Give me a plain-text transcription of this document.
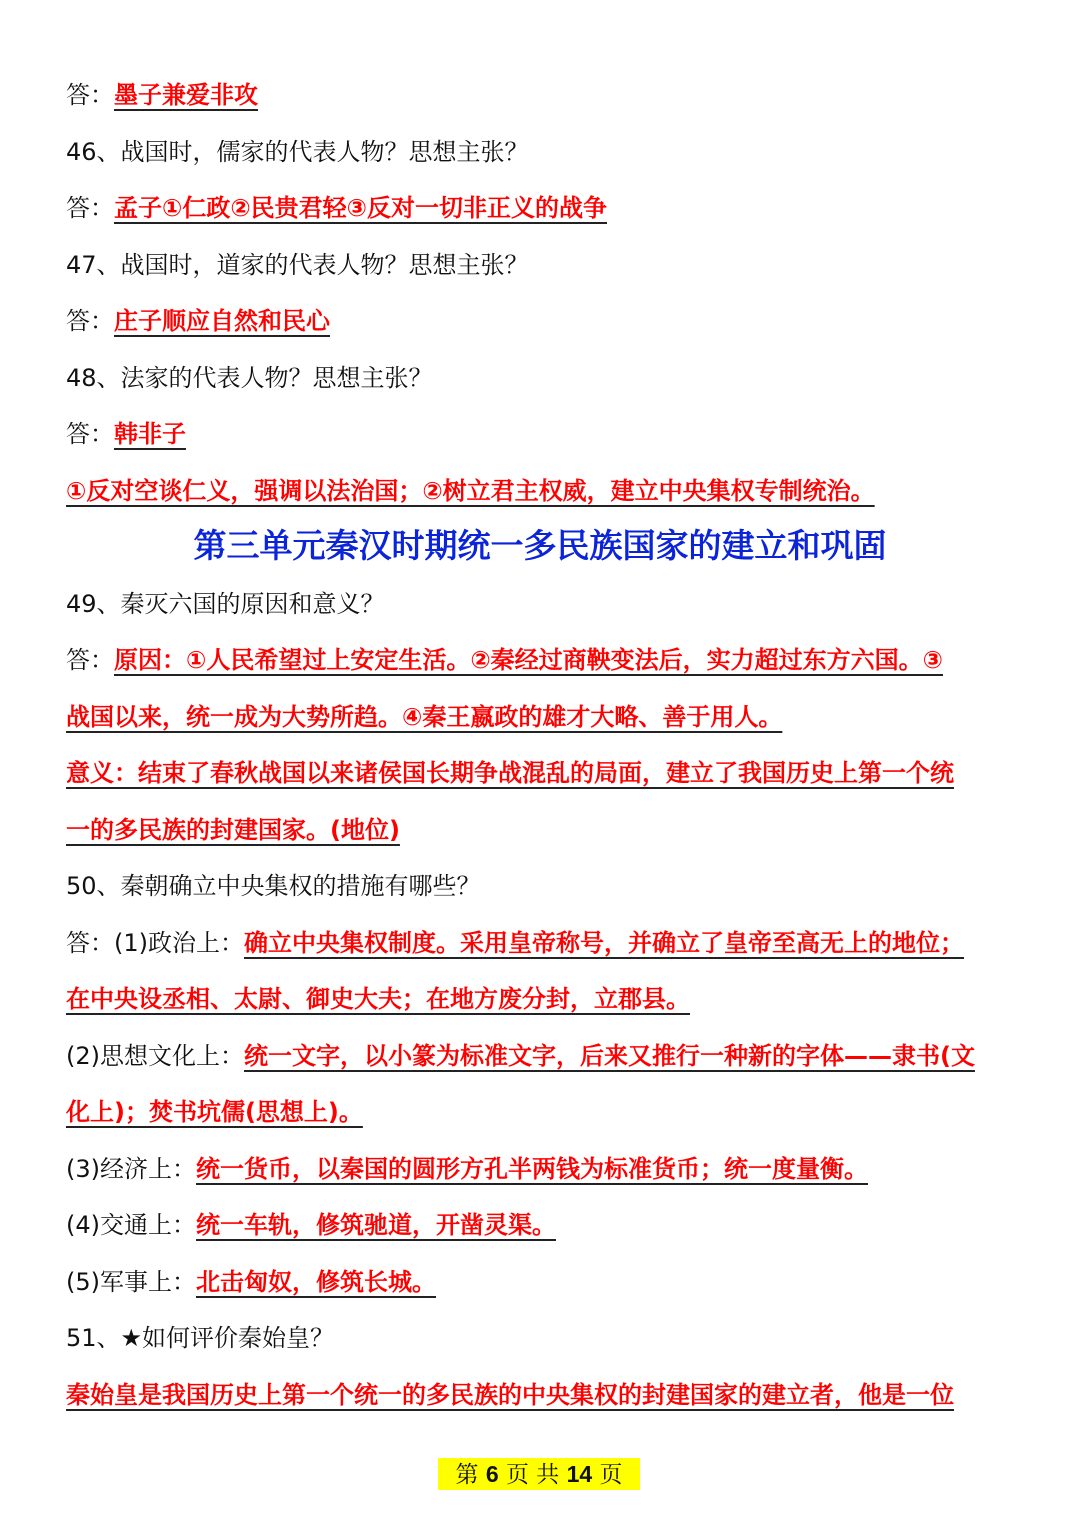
答：墨子兼爱非攻
46、战国时，儒家的代表人物？思想主张？
答：孟子①仁政②民贵君轻③反对一切非正义的战争
47、战国时，道家的代表人物？思想主张？
答：庄子顺应自然和民心
48、法家的代表人物？思想主张？
答：韩非子
①反对空谈仁义，强调以法治国；②树立君主权威，建立中央集权专制统治。
第三单元秦汉时期统一多民族国家的建立和巩固
49、秦灭六国的原因和意义？
答：原因：①人民希望过上安定生活。②秦经过商鞅变法后，实力超过东方六国。③
战国以来，统一成为大势所趋。④秦王嬴政的雄才大略、善于用人。
意义：结束了春秋战国以来诸侯国长期争战混乱的局面，建立了我国历史上第一个统
一的多民族的封建国家。(地位)
50、秦朝确立中央集权的措施有哪些？
答：(1)政治上：确立中央集权制度。采用皇帝称号，并确立了皇帝至高无上的地位；
在中央设丞相、太尉、御史大夫；在地方废分封，立郡县。
(2)思想文化上：统一文字，以小篆为标准文字，后来又推行一种新的字体——隶书(文
化上)；焚书坑儒(思想上)。
(3)经济上：统一货币，以秦国的圆形方孔半两钱为标准货币；统一度量衡。
(4)交通上：统一车轨，修筑驰道，开凿灵渠。
(5)军事上：北击匈奴，修筑长城。
51、★如何评价秦始皇？
秦始皇是我国历史上第一个统一的多民族的中央集权的封建国家的建立者，他是一位
第 6 页 共 14 页
